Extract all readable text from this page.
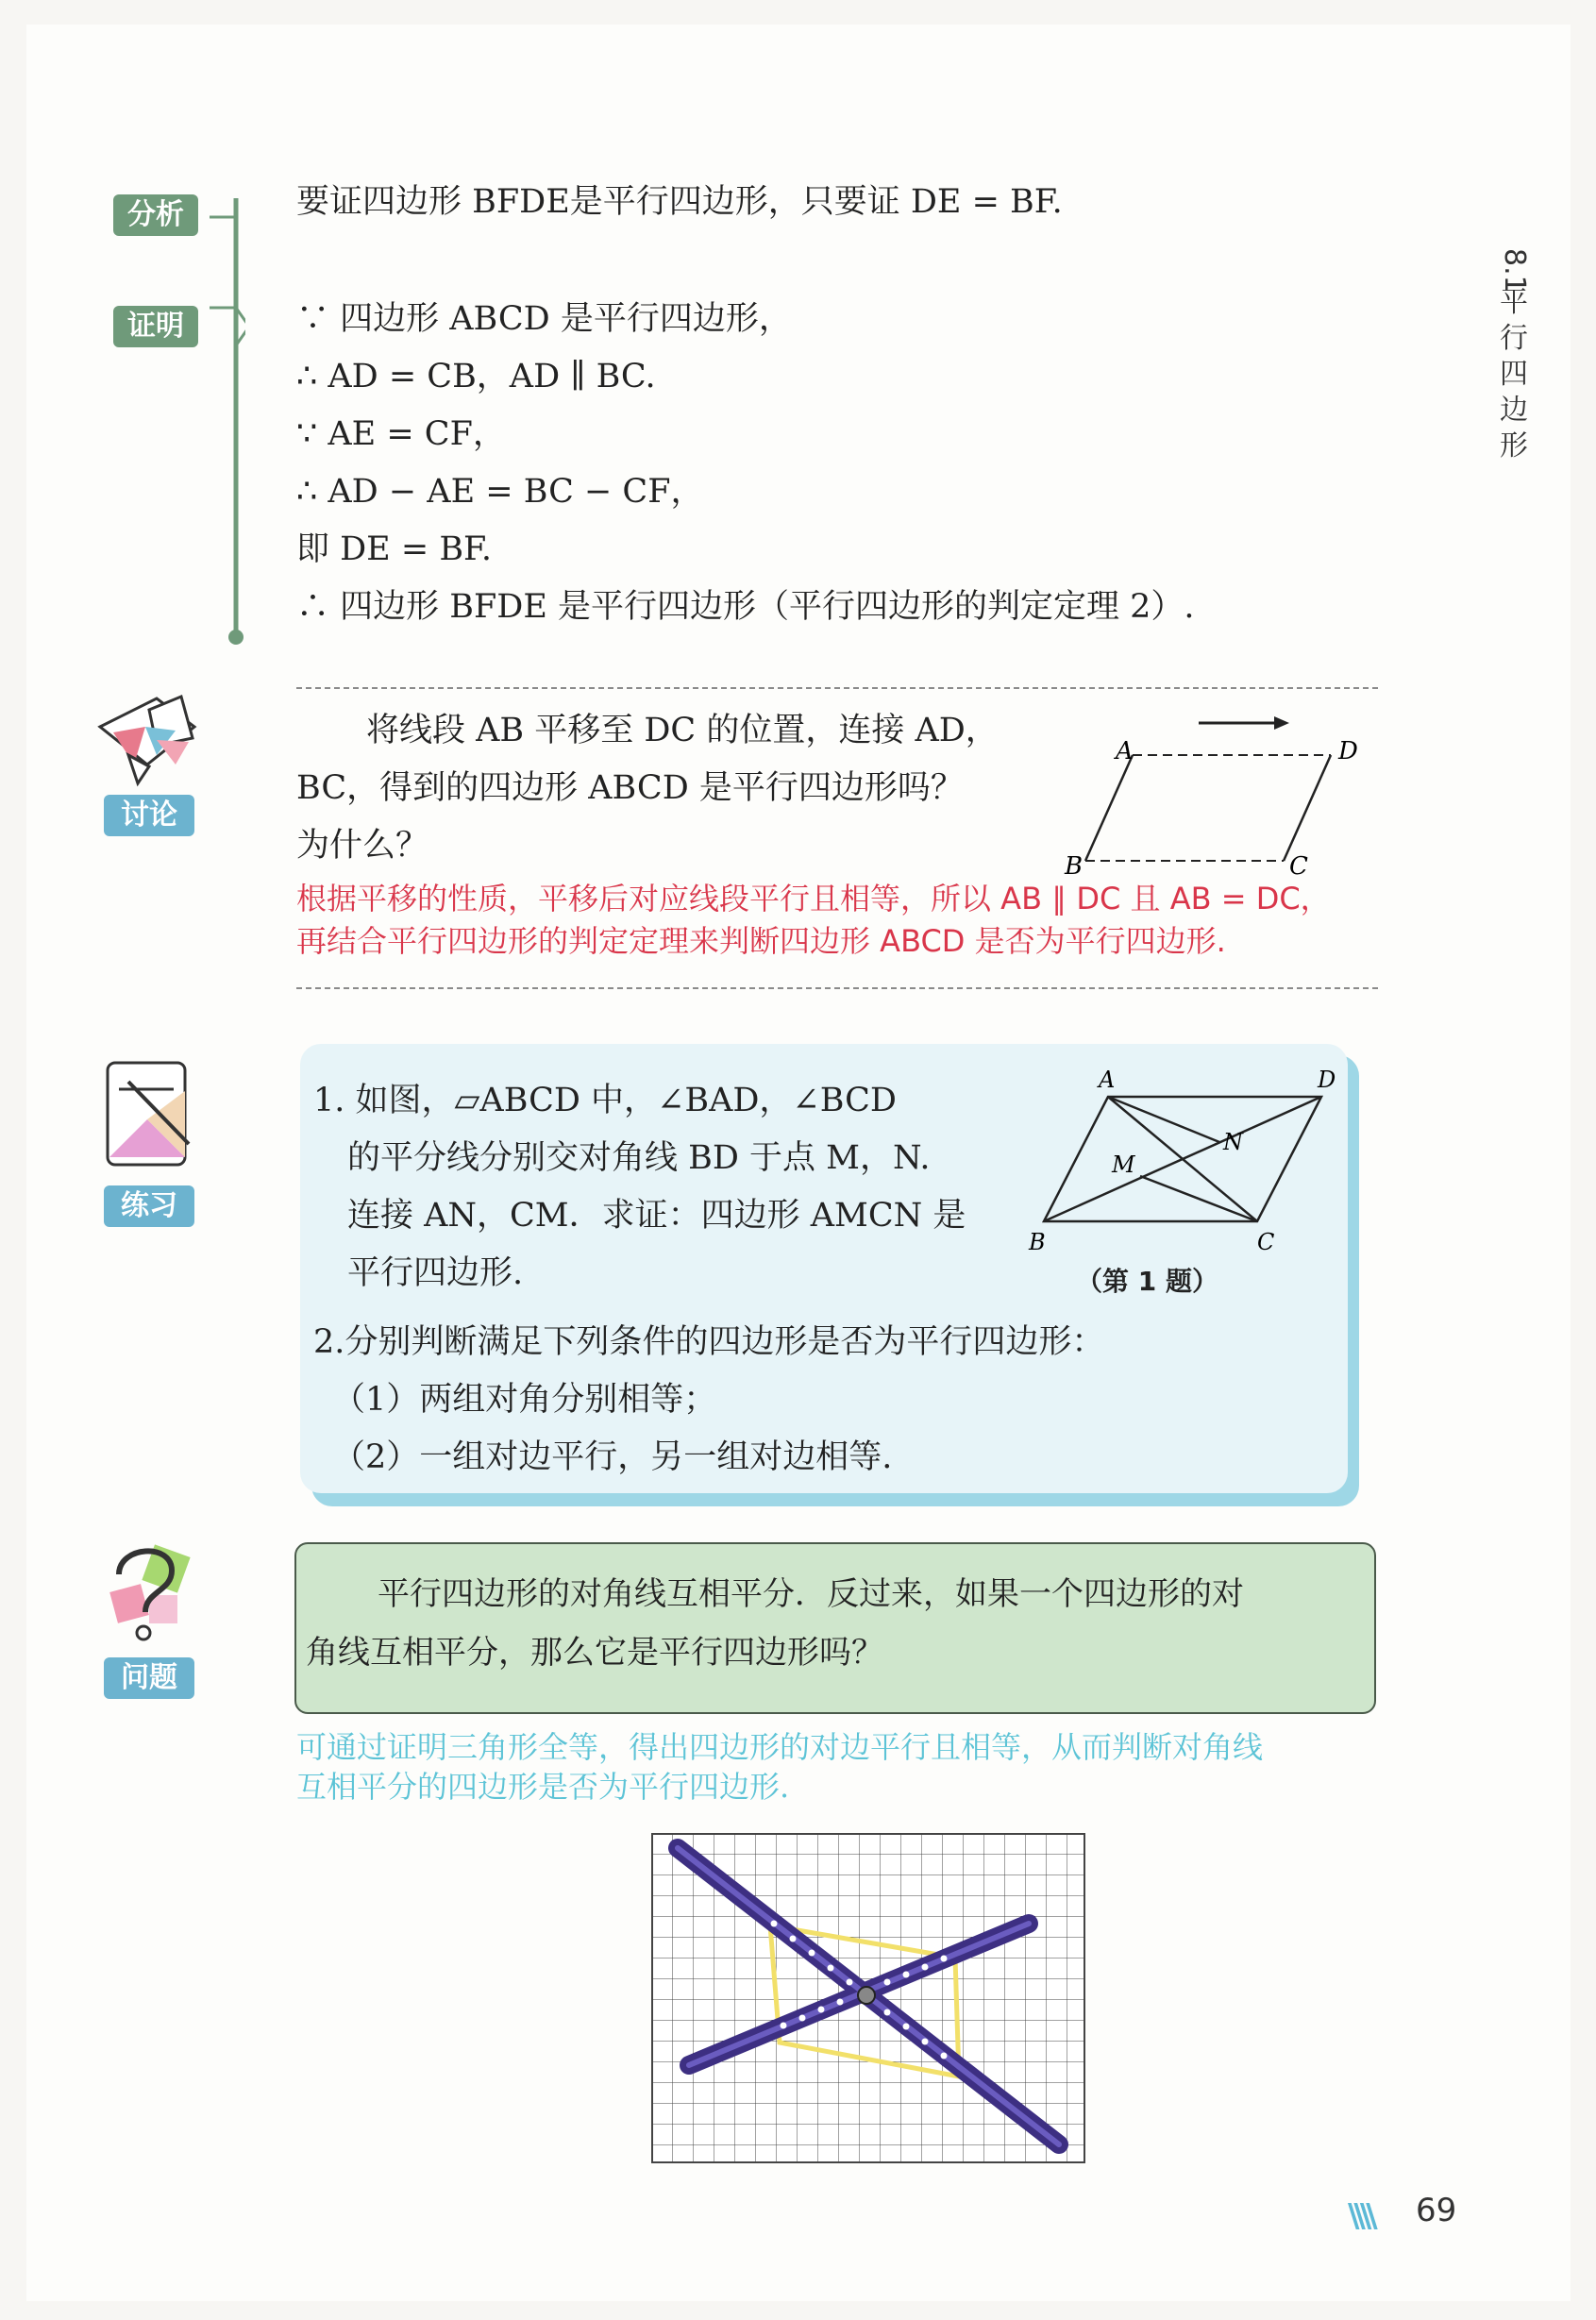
8.1
平
行
四
边
形
分析	要证四边形 BFDE是平行四边形，只要证 DE = BF.
证明	∵ 四边形 ABCD 是平行四边形，
∴ AD = CB，AD ∥ BC.
∵ AE = CF，
∴ AD − AE = BC − CF，
即 DE = BF.
∴ 四边形 BFDE 是平行四边形（平行四边形的判定定理 2）.
讨论
将线段 AB 平移至 DC 的位置，连接 AD，
BC，得到的四边形 ABCD 是平行四边形吗？
为什么？
A	D
B	C
根据平移的性质，平移后对应线段平行且相等，所以 AB ∥ DC 且 AB = DC，
再结合平行四边形的判定定理来判断四边形 ABCD 是否为平行四边形.
练习
1. 如图，▱ABCD 中，∠BAD，∠BCD
的平分线分别交对角线 BD 于点 M，N.
连接 AN，CM．求证：四边形 AMCN 是
平行四边形.
A	D
B	C
M
N
（第 1 题）
2.分别判断满足下列条件的四边形是否为平行四边形：
（1）两组对角分别相等；
（2）一组对边平行，另一组对边相等.
问题
平行四边形的对角线互相平分．反过来，如果一个四边形的对
角线互相平分，那么它是平行四边形吗？
可通过证明三角形全等，得出四边形的对边平行且相等，从而判断对角线
互相平分的四边形是否为平行四边形.
\\\\ 69
